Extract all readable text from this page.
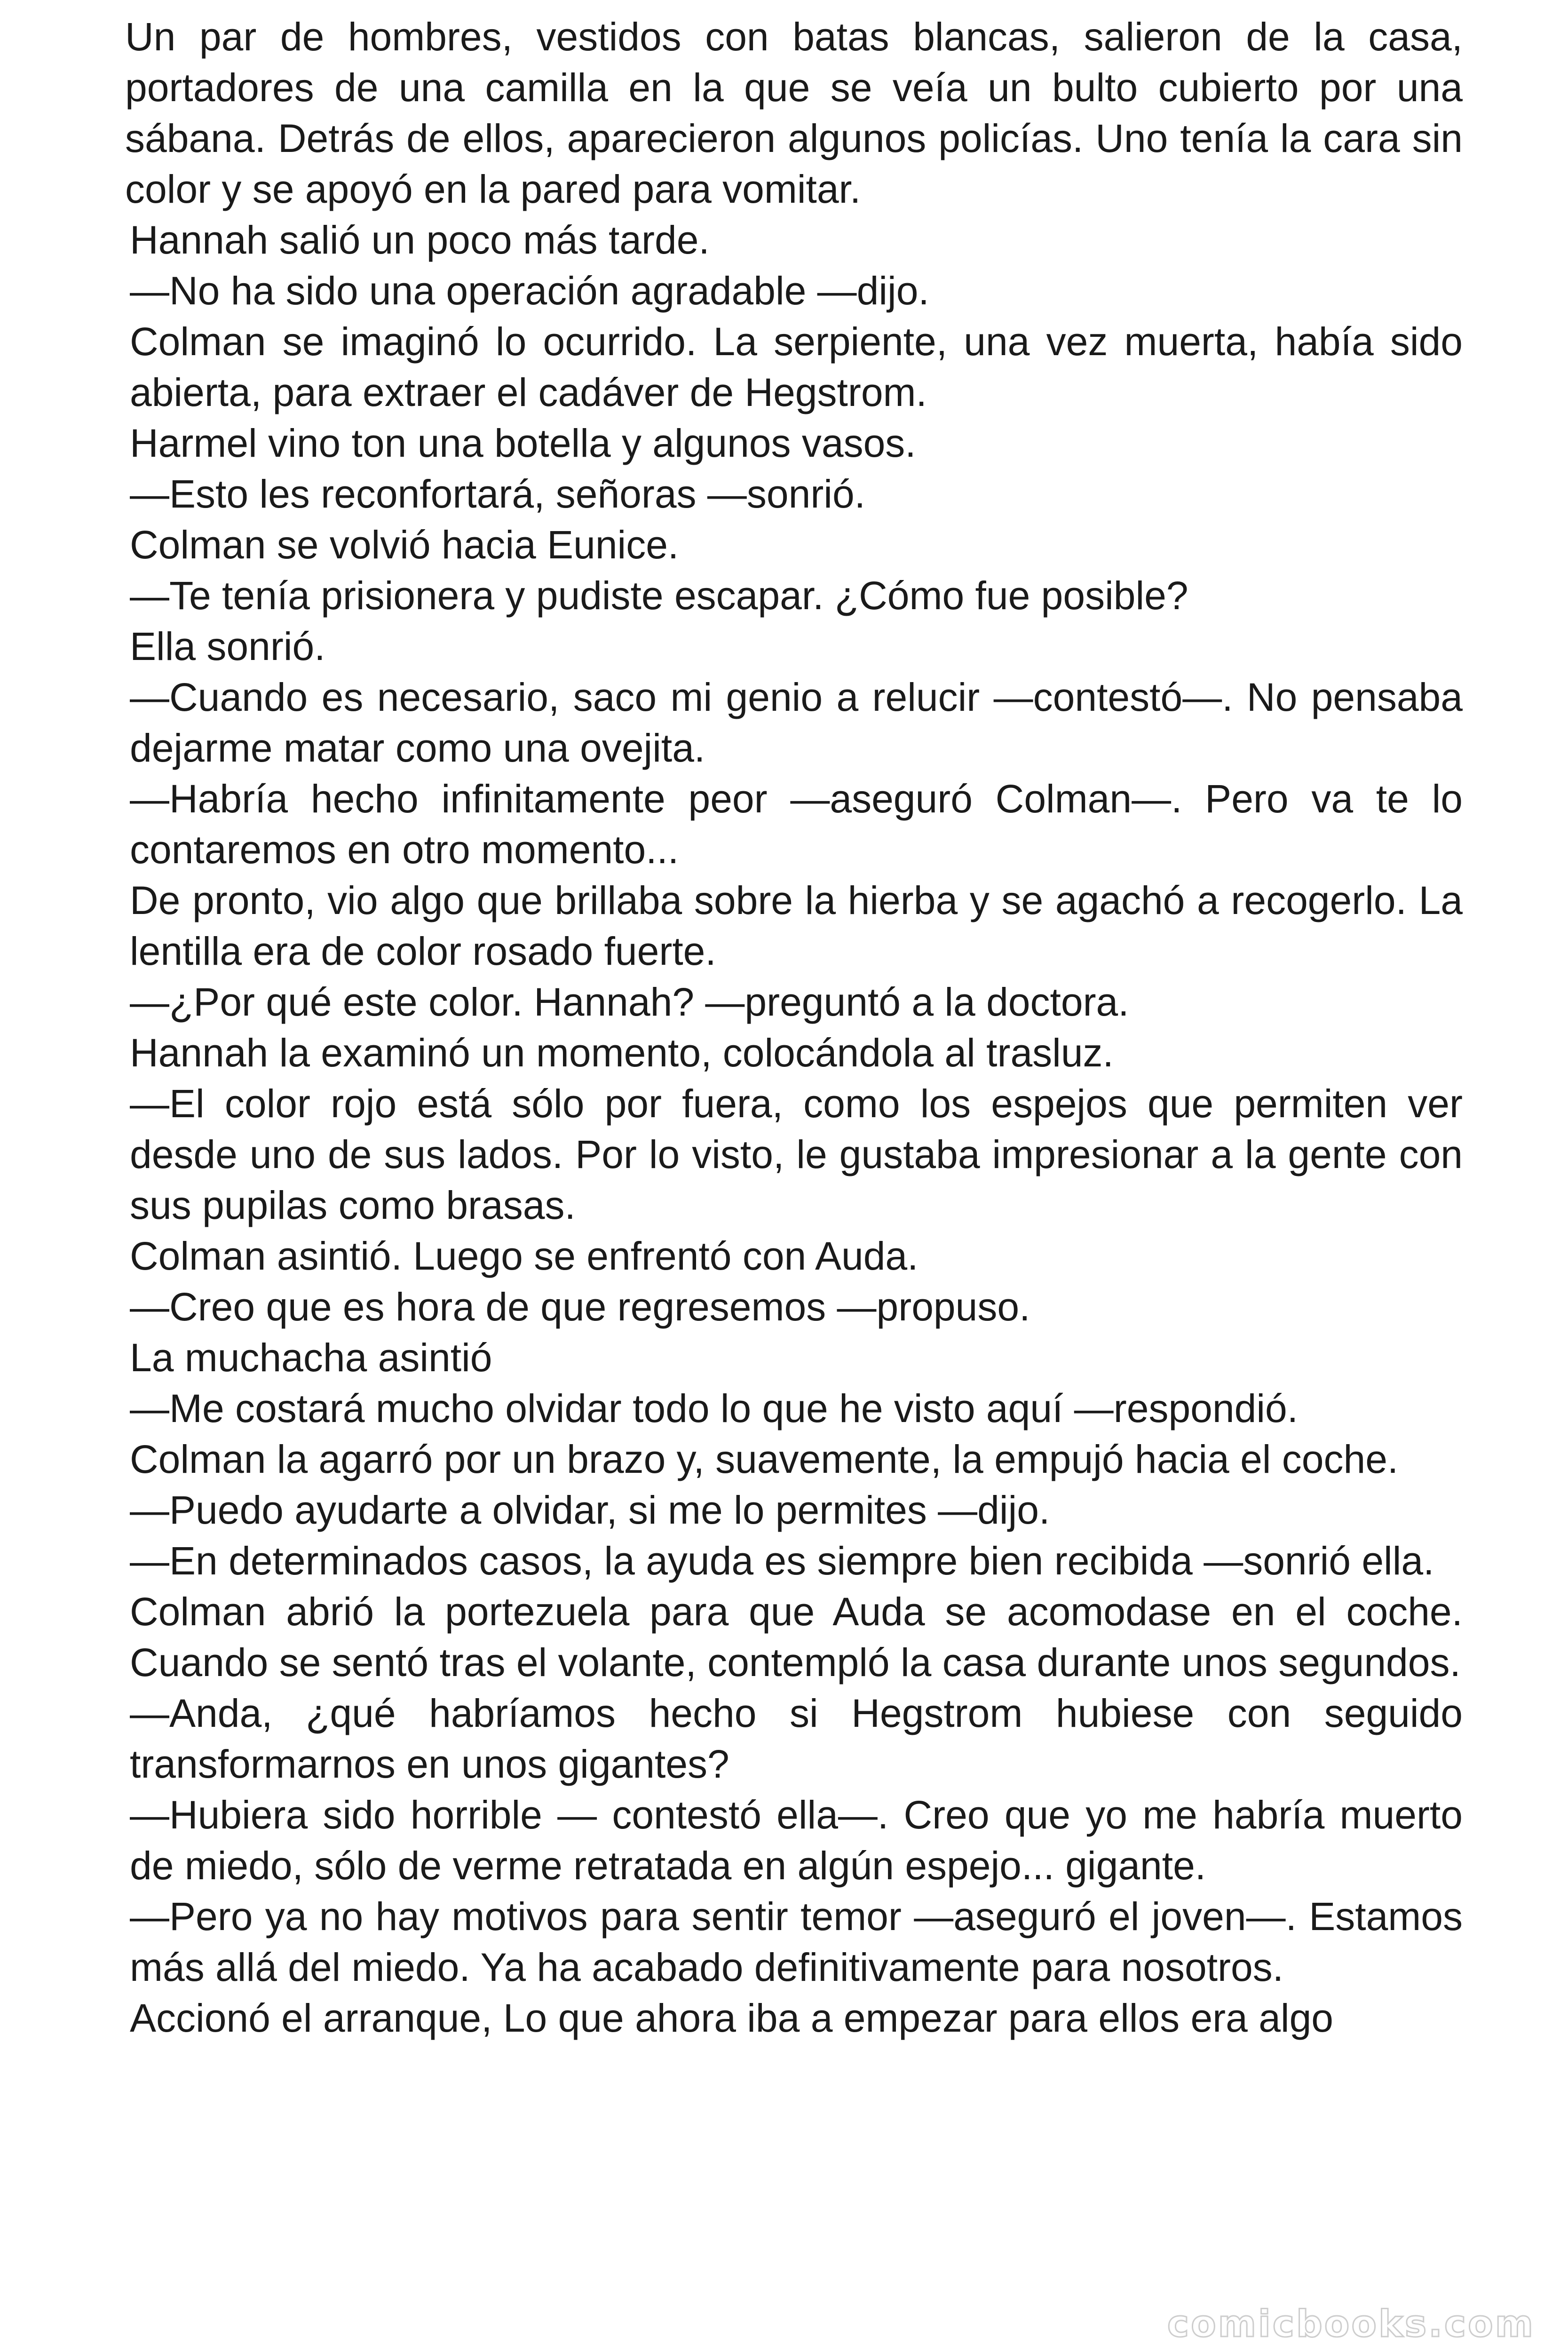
Un par de hombres, vestidos con batas blancas, salieron de la casa, portadores de una camilla en la que se veía un bulto cubierto por una sábana. Detrás de ellos, aparecieron algunos policías. Uno tenía la cara sin color y se apoyó en la pared para vomitar.

Hannah salió un poco más tarde.

—No ha sido una operación agradable —dijo.

Colman se imaginó lo ocurrido. La serpiente, una vez muerta, había sido abierta, para extraer el cadáver de Hegstrom.

Harmel vino ton una botella y algunos vasos.

—Esto les reconfortará, señoras —sonrió.

Colman se volvió hacia Eunice.

—Te tenía prisionera y pudiste escapar. ¿Cómo fue posible?

Ella sonrió.

—Cuando es necesario, saco mi genio a relucir —contestó—. No pensaba dejarme matar como una ovejita.

—Habría hecho infinitamente peor —aseguró Colman—. Pero va te lo contaremos en otro momento...

De pronto, vio algo que brillaba sobre la hierba y se agachó a recogerlo. La lentilla era de color rosado fuerte.

—¿Por qué este color. Hannah? —preguntó a la doctora.

Hannah la examinó un momento, colocándola al trasluz.

—El color rojo está sólo por fuera, como los espejos que permiten ver desde uno de sus lados. Por lo visto, le gustaba impresionar a la gente con sus pupilas como brasas.

Colman asintió. Luego se enfrentó con Auda.

—Creo que es hora de que regresemos —propuso.

La muchacha asintió

—Me costará mucho olvidar todo lo que he visto aquí —respondió.

Colman la agarró por un brazo y, suavemente, la empujó hacia el coche.

—Puedo ayudarte a olvidar, si me lo permites —dijo.

—En determinados casos, la ayuda es siempre bien recibida —sonrió ella.

Colman abrió la portezuela para que Auda se acomodase en el coche. Cuando se sentó tras el volante, contempló la casa durante unos segundos.

—Anda, ¿qué habríamos hecho si Hegstrom hubiese con seguido transformarnos en unos gigantes?

—Hubiera sido horrible — contestó ella—. Creo que yo me habría muerto de miedo, sólo de verme retratada en algún espejo... gigante.

—Pero ya no hay motivos para sentir temor —aseguró el joven—. Estamos más allá del miedo. Ya ha acabado definitivamente para nosotros.

Accionó el arranque, Lo que ahora iba a empezar para ellos era algo

comicbooks.com
